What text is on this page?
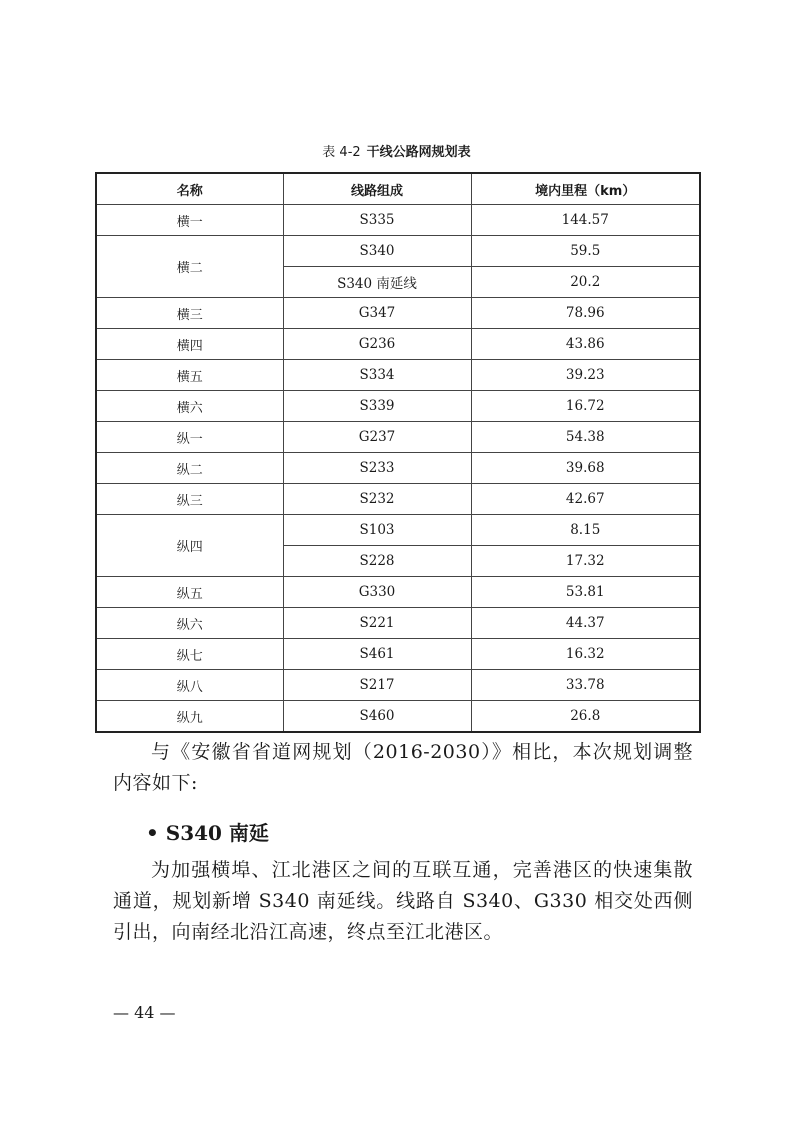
表 4-2 干线公路网规划表
名称	线路组成	境内里程（km）
横一	S335	144.57
横二	S340	59.5
	S340 南延线	20.2
横三	G347	78.96
横四	G236	43.86
横五	S334	39.23
横六	S339	16.72
纵一	G237	54.38
纵二	S233	39.68
纵三	S232	42.67
纵四	S103	8.15
	S228	17.32
纵五	G330	53.81
纵六	S221	44.37
纵七	S461	16.32
纵八	S217	33.78
纵九	S460	26.8
与《安徽省省道网规划（2016-2030）》相比，本次规划调整内容如下:
• S340 南延
为加强横埠、江北港区之间的互联互通，完善港区的快速集散通道，规划新增 S340 南延线。线路自 S340、G330 相交处西侧引出，向南经北沿江高速，终点至江北港区。
— 44 —
